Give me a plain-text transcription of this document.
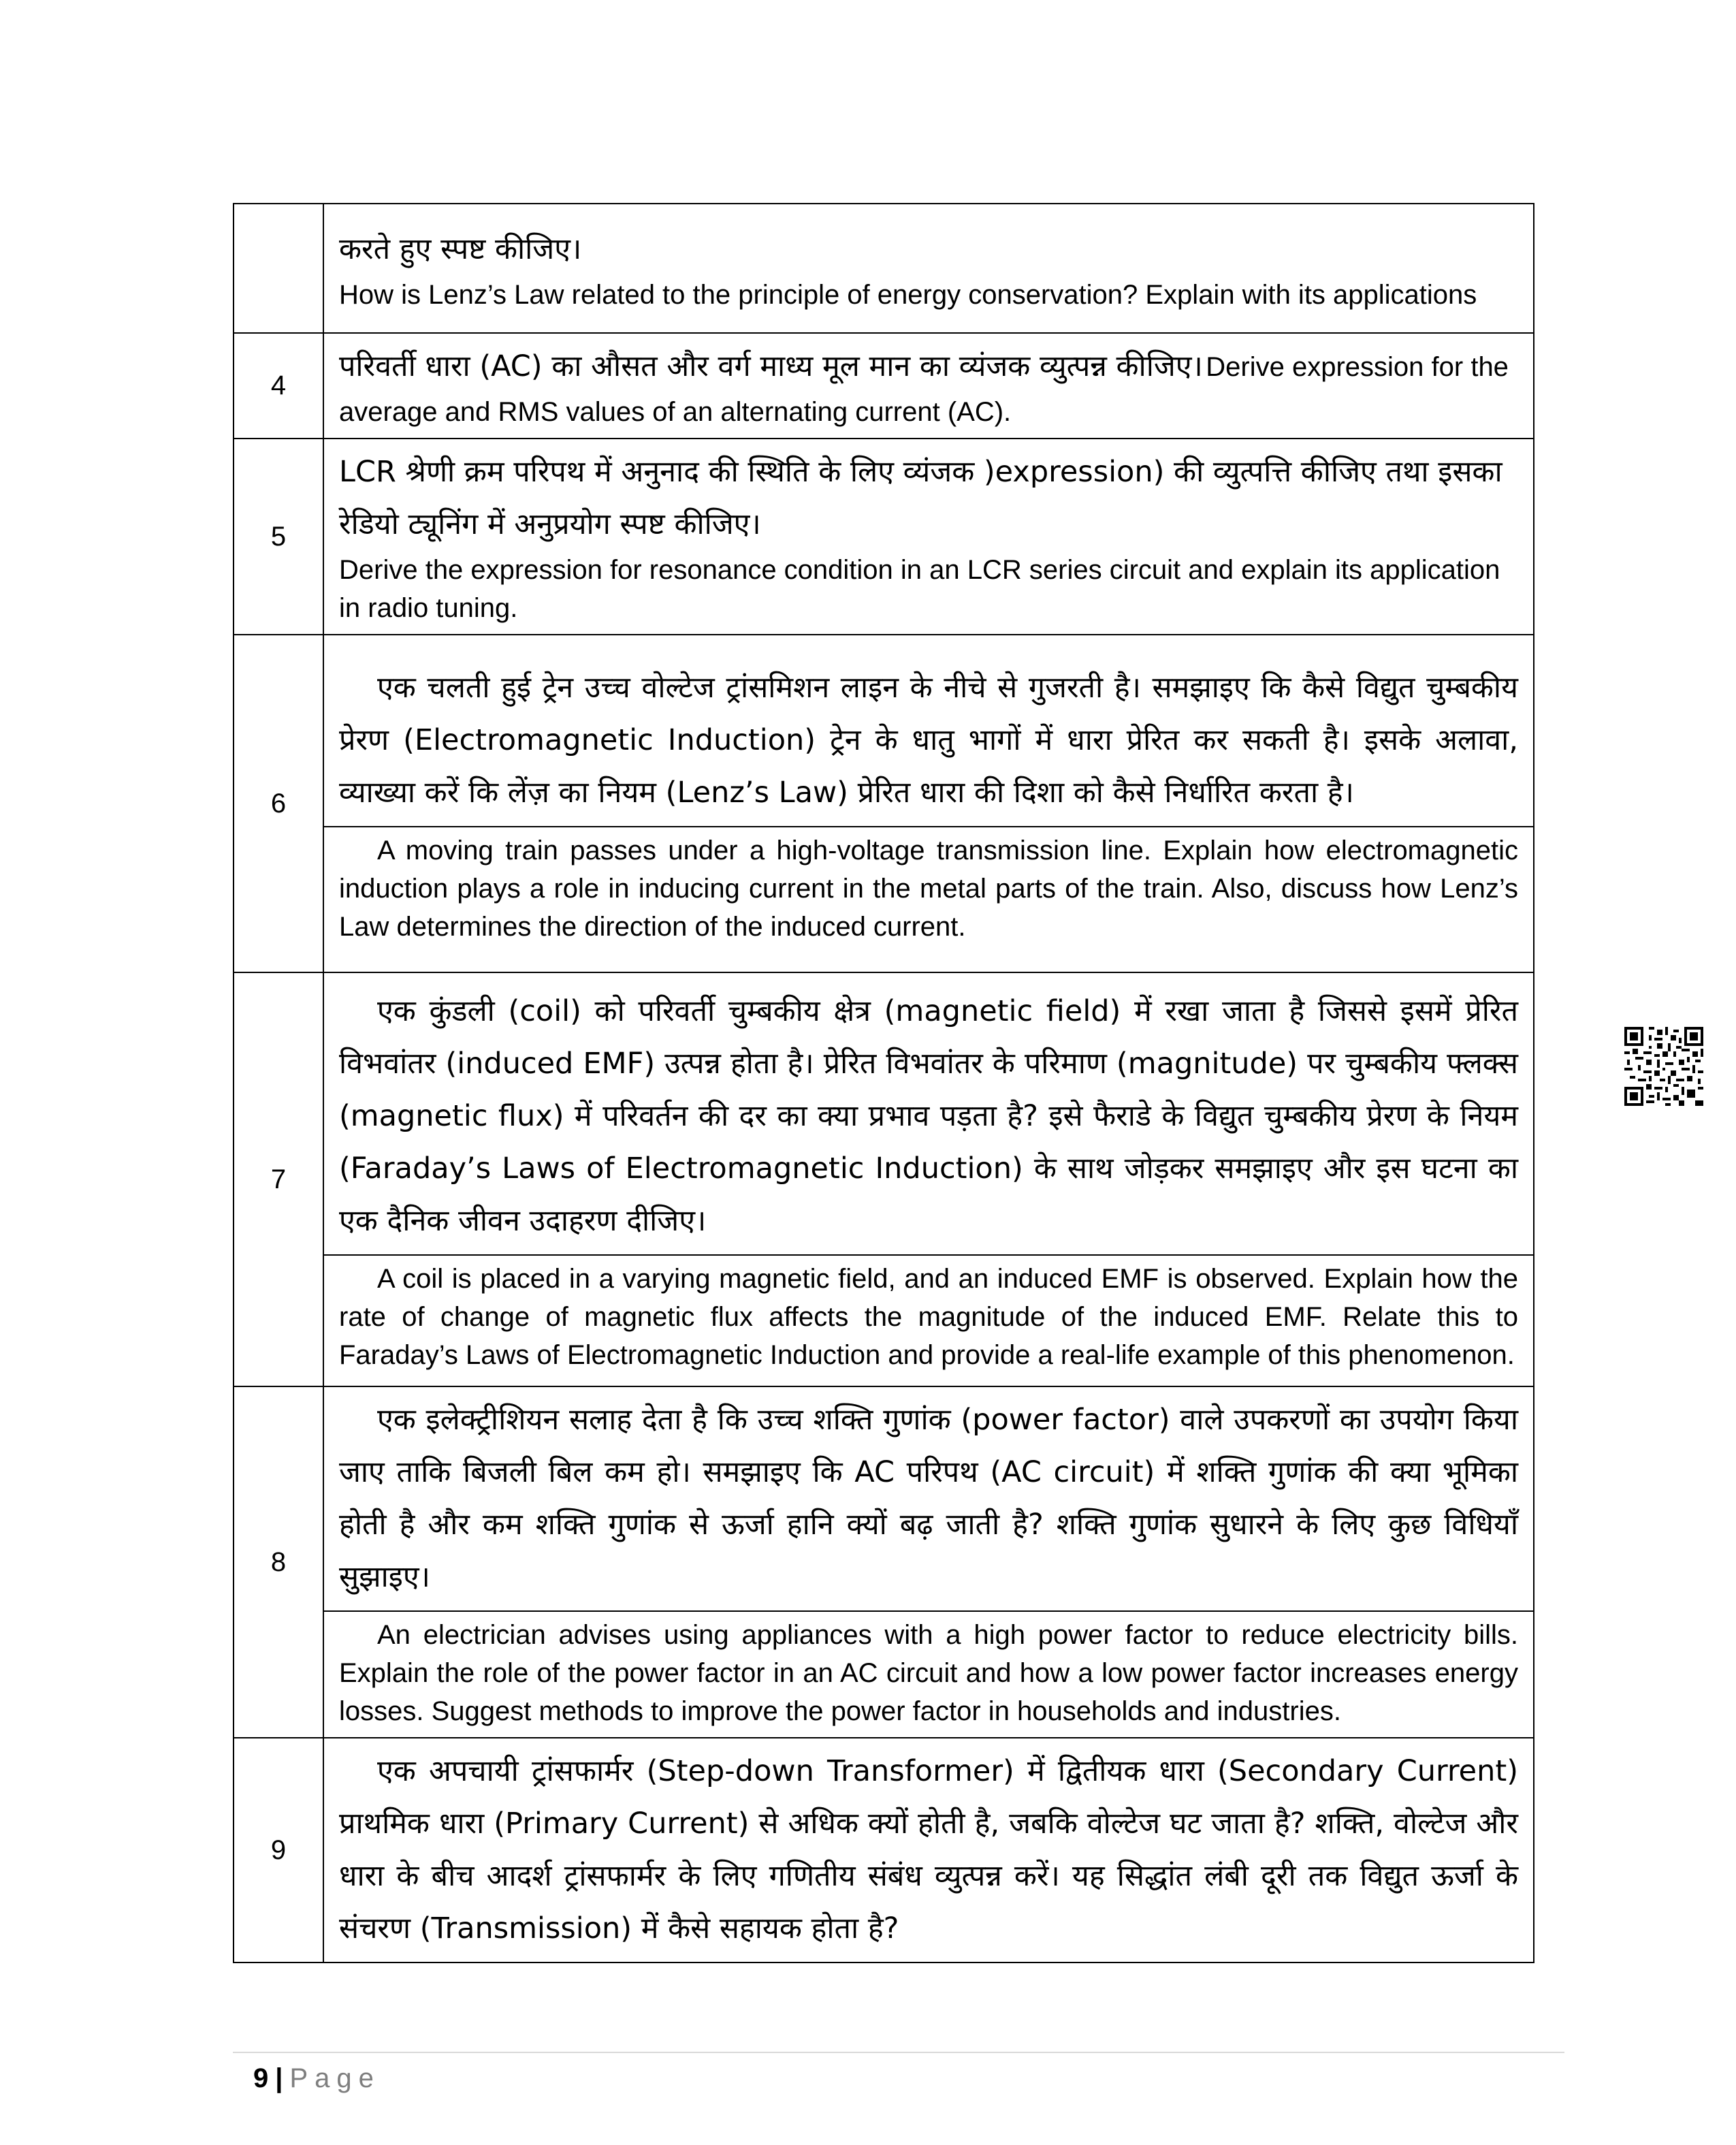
	करते हुए स्पष्ट कीजिए।
How is Lenz’s Law related to the principle of energy conservation? Explain with its applications

4	परिवर्ती धारा (AC) का औसत और वर्ग माध्य मूल मान का व्यंजक व्युत्पन्न कीजिए। Derive expression for the average and RMS values of an alternating current (AC).
5	LCR श्रेणी क्रम परिपथ में अनुनाद की स्थिति के लिए व्यंजक )expression) की व्युत्पत्ति कीजिए तथा इसका रेडियो ट्यूनिंग में अनुप्रयोग स्पष्ट कीजिए।
Derive the expression for resonance condition in an LCR series circuit and explain its application in radio tuning.

6	एक चलती हुई ट्रेन उच्च वोल्टेज ट्रांसमिशन लाइन के नीचे से गुजरती है। समझाइए कि कैसे विद्युत चुम्बकीय प्रेरण (Electromagnetic Induction) ट्रेन के धातु भागों में धारा प्रेरित कर सकती है। इसके अलावा, व्याख्या करें कि लेंज़ का नियम (Lenz’s Law) प्रेरित धारा की दिशा को कैसे निर्धारित करता है।
A moving train passes under a high-voltage transmission line. Explain how electromagnetic induction plays a role in inducing current in the metal parts of the train. Also, discuss how Lenz’s Law determines the direction of the induced current.

7	एक कुंडली (coil) को परिवर्ती चुम्बकीय क्षेत्र (magnetic field) में रखा जाता है जिससे इसमें प्रेरित विभवांतर (induced EMF) उत्पन्न होता है। प्रेरित विभवांतर के परिमाण (magnitude) पर चुम्बकीय फ्लक्स (magnetic flux) में परिवर्तन की दर का क्या प्रभाव पड़ता है? इसे फैराडे के विद्युत चुम्बकीय प्रेरण के नियम (Faraday’s Laws of Electromagnetic Induction) के साथ जोड़कर समझाइए और इस घटना का एक दैनिक जीवन उदाहरण दीजिए।
A coil is placed in a varying magnetic field, and an induced EMF is observed. Explain how the rate of change of magnetic flux affects the magnitude of the induced EMF. Relate this to Faraday’s Laws of Electromagnetic Induction and provide a real-life example of this phenomenon.

8	एक इलेक्ट्रीशियन सलाह देता है कि उच्च शक्ति गुणांक (power factor) वाले उपकरणों का उपयोग किया जाए ताकि बिजली बिल कम हो। समझाइए कि AC परिपथ (AC circuit) में शक्ति गुणांक की क्या भूमिका होती है और कम शक्ति गुणांक से ऊर्जा हानि क्यों बढ़ जाती है? शक्ति गुणांक सुधारने के लिए कुछ विधियाँ सुझाइए।
An electrician advises using appliances with a high power factor to reduce electricity bills. Explain the role of the power factor in an AC circuit and how a low power factor increases energy losses. Suggest methods to improve the power factor in households and industries.

9	एक अपचायी ट्रांसफार्मर (Step-down Transformer) में द्वितीयक धारा (Secondary Current) प्राथमिक धारा (Primary Current) से अधिक क्यों होती है, जबकि वोल्टेज घट जाता है? शक्ति, वोल्टेज और धारा के बीच आदर्श ट्रांसफार्मर के लिए गणितीय संबंध व्युत्पन्न करें। यह सिद्धांत लंबी दूरी तक विद्युत ऊर्जा के संचरण (Transmission) में कैसे सहायक होता है?
9 | Page
